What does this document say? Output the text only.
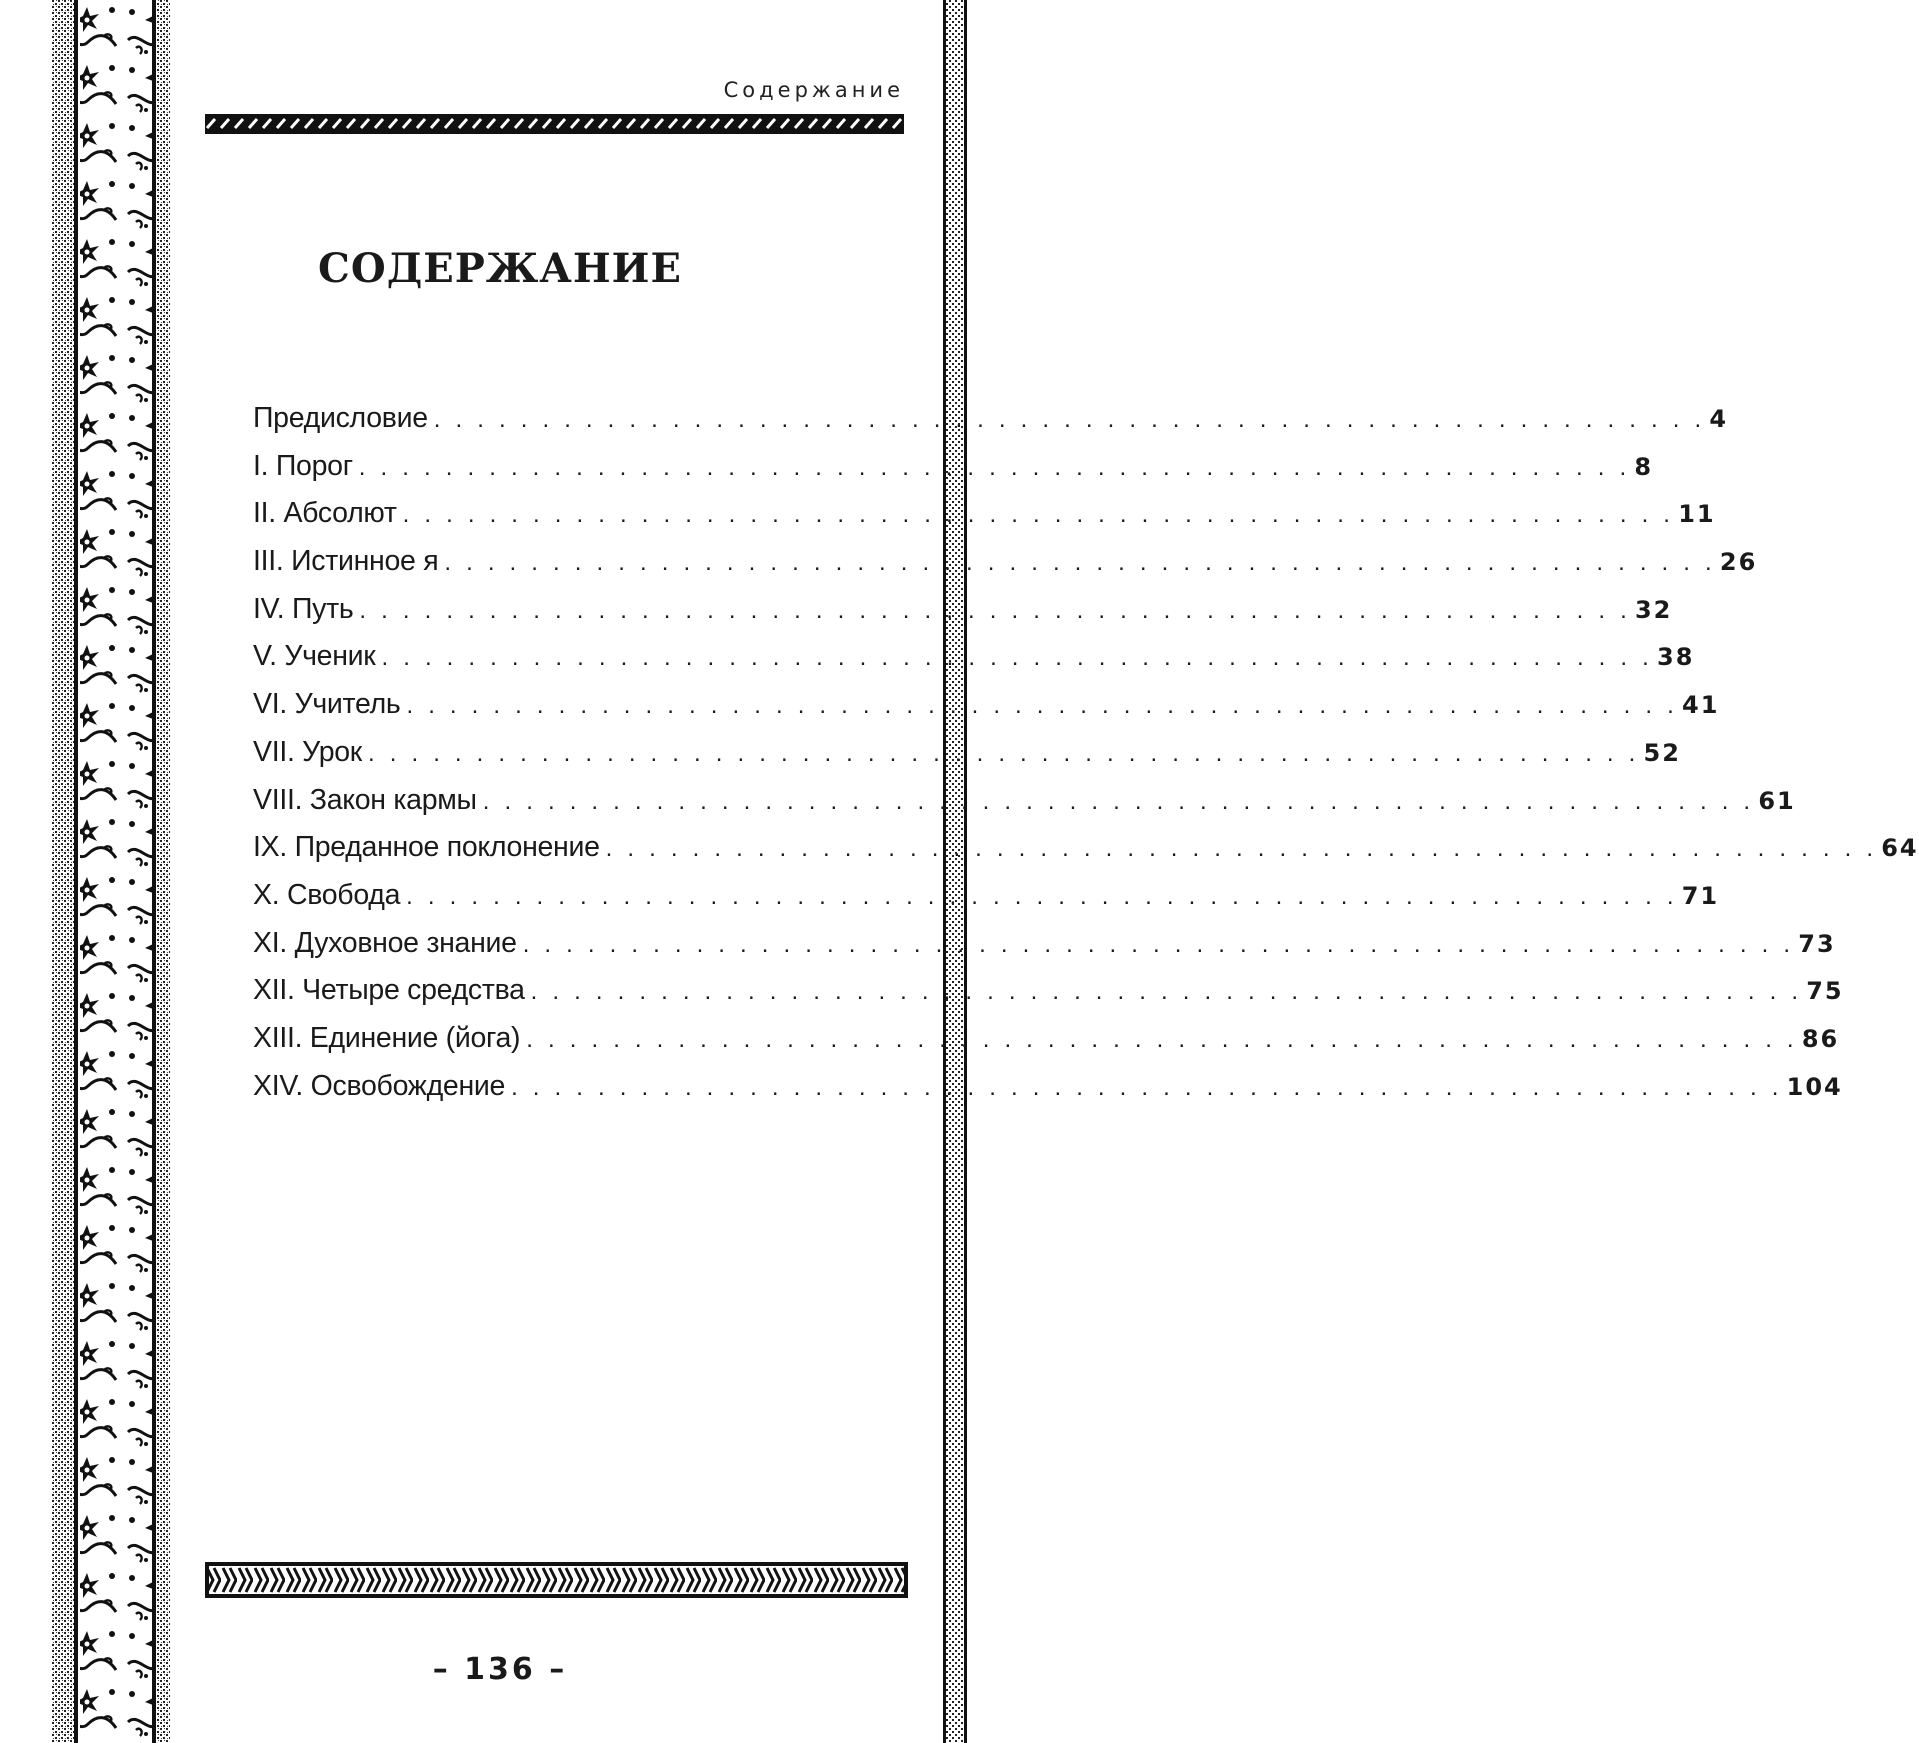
Содержание
СОДЕРЖАНИЕ
Предисловие . . . . . . . . . . . . . . . . . . . . . . . . . . . . . . . . . . . . . . . . . . . . . . . . . . . . . . . . . . . 4
I. Порог . . . . . . . . . . . . . . . . . . . . . . . . . . . . . . . . . . . . . . . . . . . . . . . . . . . . . . . . . . . 8
II. Абсолют . . . . . . . . . . . . . . . . . . . . . . . . . . . . . . . . . . . . . . . . . . . . . . . . . . . . . . . . . . . 11
III. Истинное я . . . . . . . . . . . . . . . . . . . . . . . . . . . . . . . . . . . . . . . . . . . . . . . . . . . . . . . . . . . 26
IV. Путь . . . . . . . . . . . . . . . . . . . . . . . . . . . . . . . . . . . . . . . . . . . . . . . . . . . . . . . . . . . 32
V. Ученик . . . . . . . . . . . . . . . . . . . . . . . . . . . . . . . . . . . . . . . . . . . . . . . . . . . . . . . . . . . 38
VI. Учитель . . . . . . . . . . . . . . . . . . . . . . . . . . . . . . . . . . . . . . . . . . . . . . . . . . . . . . . . . . . 41
VII. Урок . . . . . . . . . . . . . . . . . . . . . . . . . . . . . . . . . . . . . . . . . . . . . . . . . . . . . . . . . . . 52
VIII. Закон кармы . . . . . . . . . . . . . . . . . . . . . . . . . . . . . . . . . . . . . . . . . . . . . . . . . . . . . . . . . . . 61
IX. Преданное поклонение . . . . . . . . . . . . . . . . . . . . . . . . . . . . . . . . . . . . . . . . . . . . . . . . . . . . . . . . . . . 64
X. Свобода . . . . . . . . . . . . . . . . . . . . . . . . . . . . . . . . . . . . . . . . . . . . . . . . . . . . . . . . . . . 71
XI. Духовное знание . . . . . . . . . . . . . . . . . . . . . . . . . . . . . . . . . . . . . . . . . . . . . . . . . . . . . . . . . . . 73
XII. Четыре средства . . . . . . . . . . . . . . . . . . . . . . . . . . . . . . . . . . . . . . . . . . . . . . . . . . . . . . . . . . . 75
XIII. Единение (йога) . . . . . . . . . . . . . . . . . . . . . . . . . . . . . . . . . . . . . . . . . . . . . . . . . . . . . . . . . . . 86
XIV. Освобождение . . . . . . . . . . . . . . . . . . . . . . . . . . . . . . . . . . . . . . . . . . . . . . . . . . . . . . . . . . . 104
– 136 –
